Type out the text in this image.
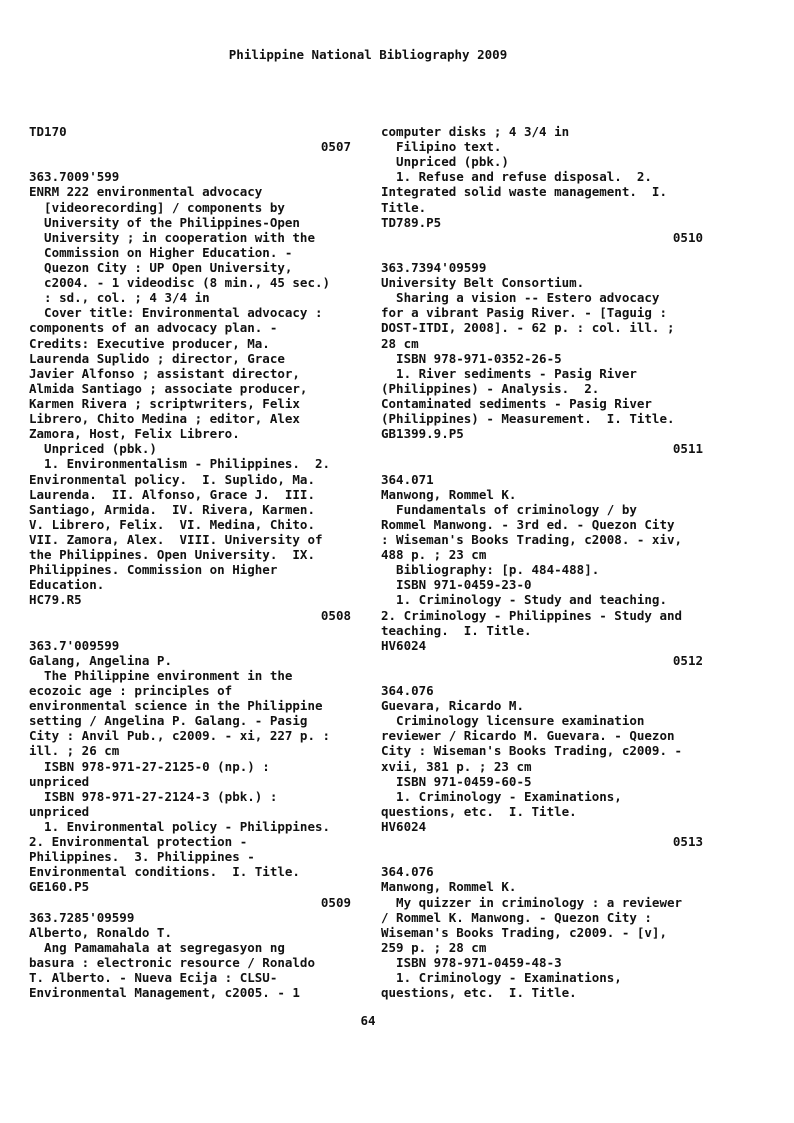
Philippine National Bibliography 2009
TD170
0507
363.7009'599
ENRM 222 environmental advocacy
[videorecording] / components by
University of the Philippines-Open
University ; in cooperation with the
Commission on Higher Education. -
Quezon City : UP Open University,
c2004. - 1 videodisc (8 min., 45 sec.)
: sd., col. ; 4 3/4 in
Cover title: Environmental advocacy :
components of an advocacy plan. -
Credits: Executive producer, Ma.
Laurenda Suplido ; director, Grace
Javier Alfonso ; assistant director,
Almida Santiago ; associate producer,
Karmen Rivera ; scriptwriters, Felix
Librero, Chito Medina ; editor, Alex
Zamora, Host, Felix Librero.
Unpriced (pbk.)
1. Environmentalism - Philippines.  2.
Environmental policy.  I. Suplido, Ma.
Laurenda.  II. Alfonso, Grace J.  III.
Santiago, Armida.  IV. Rivera, Karmen.
V. Librero, Felix.  VI. Medina, Chito.
VII. Zamora, Alex.  VIII. University of
the Philippines. Open University.  IX.
Philippines. Commission on Higher
Education.
HC79.R5
0508
363.7'009599
Galang, Angelina P.
The Philippine environment in the
ecozoic age : principles of
environmental science in the Philippine
setting / Angelina P. Galang. - Pasig
City : Anvil Pub., c2009. - xi, 227 p. :
ill. ; 26 cm
ISBN 978-971-27-2125-0 (np.) :
unpriced
ISBN 978-971-27-2124-3 (pbk.) :
unpriced
1. Environmental policy - Philippines.
2. Environmental protection -
Philippines.  3. Philippines -
Environmental conditions.  I. Title.
GE160.P5
0509
363.7285'09599
Alberto, Ronaldo T.
Ang Pamamahala at segregasyon ng
basura : electronic resource / Ronaldo
T. Alberto. - Nueva Ecija : CLSU-
Environmental Management, c2005. - 1
computer disks ; 4 3/4 in
Filipino text.
Unpriced (pbk.)
1. Refuse and refuse disposal.  2.
Integrated solid waste management.  I.
Title.
TD789.P5
0510
363.7394'09599
University Belt Consortium.
Sharing a vision -- Estero advocacy
for a vibrant Pasig River. - [Taguig :
DOST-ITDI, 2008]. - 62 p. : col. ill. ;
28 cm
ISBN 978-971-0352-26-5
1. River sediments - Pasig River
(Philippines) - Analysis.  2.
Contaminated sediments - Pasig River
(Philippines) - Measurement.  I. Title.
GB1399.9.P5
0511
364.071
Manwong, Rommel K.
Fundamentals of criminology / by
Rommel Manwong. - 3rd ed. - Quezon City
: Wiseman's Books Trading, c2008. - xiv,
488 p. ; 23 cm
Bibliography: [p. 484-488].
ISBN 971-0459-23-0
1. Criminology - Study and teaching.
2. Criminology - Philippines - Study and
teaching.  I. Title.
HV6024
0512
364.076
Guevara, Ricardo M.
Criminology licensure examination
reviewer / Ricardo M. Guevara. - Quezon
City : Wiseman's Books Trading, c2009. -
xvii, 381 p. ; 23 cm
ISBN 971-0459-60-5
1. Criminology - Examinations,
questions, etc.  I. Title.
HV6024
0513
364.076
Manwong, Rommel K.
My quizzer in criminology : a reviewer
/ Rommel K. Manwong. - Quezon City :
Wiseman's Books Trading, c2009. - [v],
259 p. ; 28 cm
ISBN 978-971-0459-48-3
1. Criminology - Examinations,
questions, etc.  I. Title.
64
